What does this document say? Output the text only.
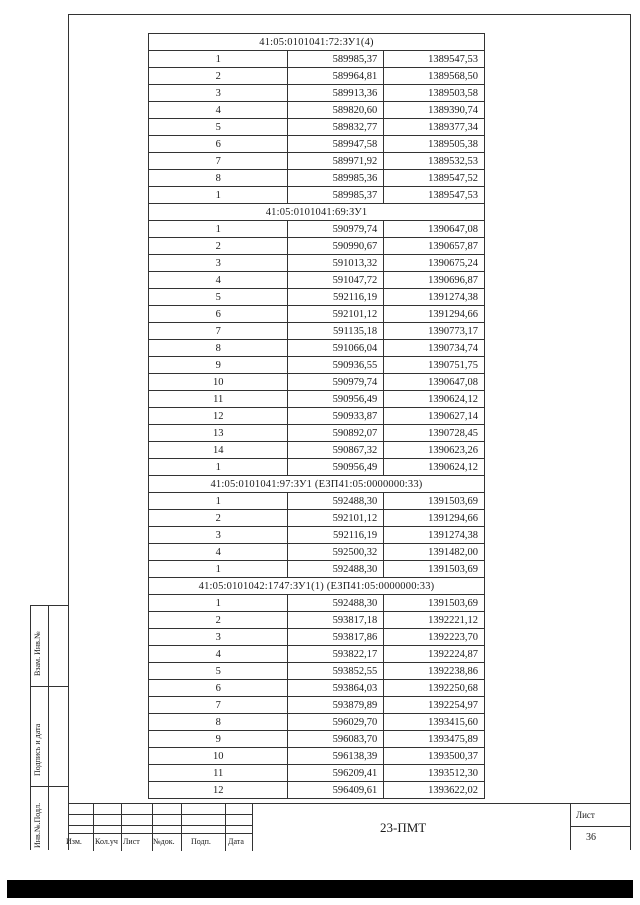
Взам. Инв.№
Подпись и дата
Инв.№.Подл.
41:05:0101041:72:ЗУ1(4)		
1	589985,37	1389547,53
2	589964,81	1389568,50
3	589913,36	1389503,58
4	589820,60	1389390,74
5	589832,77	1389377,34
6	589947,58	1389505,38
7	589971,92	1389532,53
8	589985,36	1389547,52
1	589985,37	1389547,53
41:05:0101041:69:ЗУ1		
1	590979,74	1390647,08
2	590990,67	1390657,87
3	591013,32	1390675,24
4	591047,72	1390696,87
5	592116,19	1391274,38
6	592101,12	1391294,66
7	591135,18	1390773,17
8	591066,04	1390734,74
9	590936,55	1390751,75
10	590979,74	1390647,08
11	590956,49	1390624,12
12	590933,87	1390627,14
13	590892,07	1390728,45
14	590867,32	1390623,26
1	590956,49	1390624,12
41:05:0101041:97:ЗУ1 (ЕЗП41:05:0000000:33)		
1	592488,30	1391503,69
2	592101,12	1391294,66
3	592116,19	1391274,38
4	592500,32	1391482,00
1	592488,30	1391503,69
41:05:0101042:1747:ЗУ1(1) (ЕЗП41:05:0000000:33)		
1	592488,30	1391503,69
2	593817,18	1392221,12
3	593817,86	1392223,70
4	593822,17	1392224,87
5	593852,55	1392238,86
6	593864,03	1392250,68
7	593879,89	1392254,97
8	596029,70	1393415,60
9	596083,70	1393475,89
10	596138,39	1393500,37
11	596209,41	1393512,30
12	596409,61	1393622,02
Изм. Кол.уч Лист №док. Подп. Дата
23-ПМТ
Лист
36
